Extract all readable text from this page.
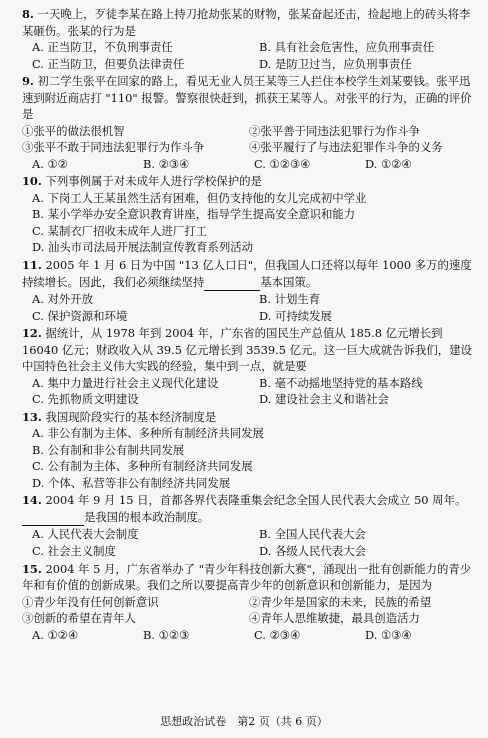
8. 一天晚上，歹徒李某在路上持刀抢劫张某的财物，张某奋起还击，捡起地上的砖头将李某砸伤。张某的行为是
A. 正当防卫，不负刑事责任	B. 具有社会危害性，应负刑事责任
C. 正当防卫，但要负法律责任	D. 是防卫过当，应负刑事责任
9. 初二学生张平在回家的路上，看见无业人员王某等三人拦住本校学生刘某要钱。张平迅速到附近商店打 "110" 报警。警察很快赶到，抓获王某等人。对张平的行为，正确的评价是
①张平的做法很机智	②张平善于同违法犯罪行为作斗争
③张平不敢于同违法犯罪行为作斗争	④张平履行了与违法犯罪作斗争的义务
A. ①②	B. ②③④	C. ①②③④	D. ①②④
10. 下列事例属于对未成年人进行学校保护的是
A. 下岗工人王某虽然生活有困难，但仍支持他的女儿完成初中学业
B. 某小学举办安全意识教育讲座，指导学生提高安全意识和能力
C. 某制衣厂招收未成年人进厂打工
D. 汕头市司法局开展法制宣传教育系列活动
11. 2005 年 1 月 6 日为中国 "13 亿人口日"，但我国人口还将以每年 1000 多万的速度持续增长。因此，我们必须继续坚持	基本国策。
A. 对外开放	B. 计划生育
C. 保护资源和环境	D. 可持续发展
12. 据统计，从 1978 年到 2004 年，广东省的国民生产总值从 185.8 亿元增长到 16040 亿元；财政收入从 39.5 亿元增长到 3539.5 亿元。这一巨大成就告诉我们，建设中国特色社会主义伟大实践的经验，集中到一点，就是要
A. 集中力量进行社会主义现代化建设	B. 毫不动摇地坚持党的基本路线
C. 先抓物质文明建设	D. 建设社会主义和谐社会
13. 我国现阶段实行的基本经济制度是
A. 非公有制为主体、多种所有制经济共同发展
B. 公有制和非公有制共同发展
C. 公有制为主体、多种所有制经济共同发展
D. 个体、私营等非公有制经济共同发展
14. 2004 年 9 月 15 日，首都各界代表隆重集会纪念全国人民代表大会成立 50 周年。 是我国的根本政治制度。
A. 人民代表大会制度	B. 全国人民代表大会
C. 社会主义制度	D. 各级人民代表大会
15. 2004 年 5 月，广东省举办了 "青少年科技创新大赛"，涌现出一批有创新能力的青少年和有价值的创新成果。我们之所以要提高青少年的创新意识和创新能力，是因为
①青少年没有任何创新意识	②青少年是国家的未来，民族的希望
③创新的希望在青年人	④青年人思维敏捷，最具创造活力
A. ①②④	B. ①②③	C. ②③④	D. ①③④
思想政治试卷　第2 页（共 6 页）
